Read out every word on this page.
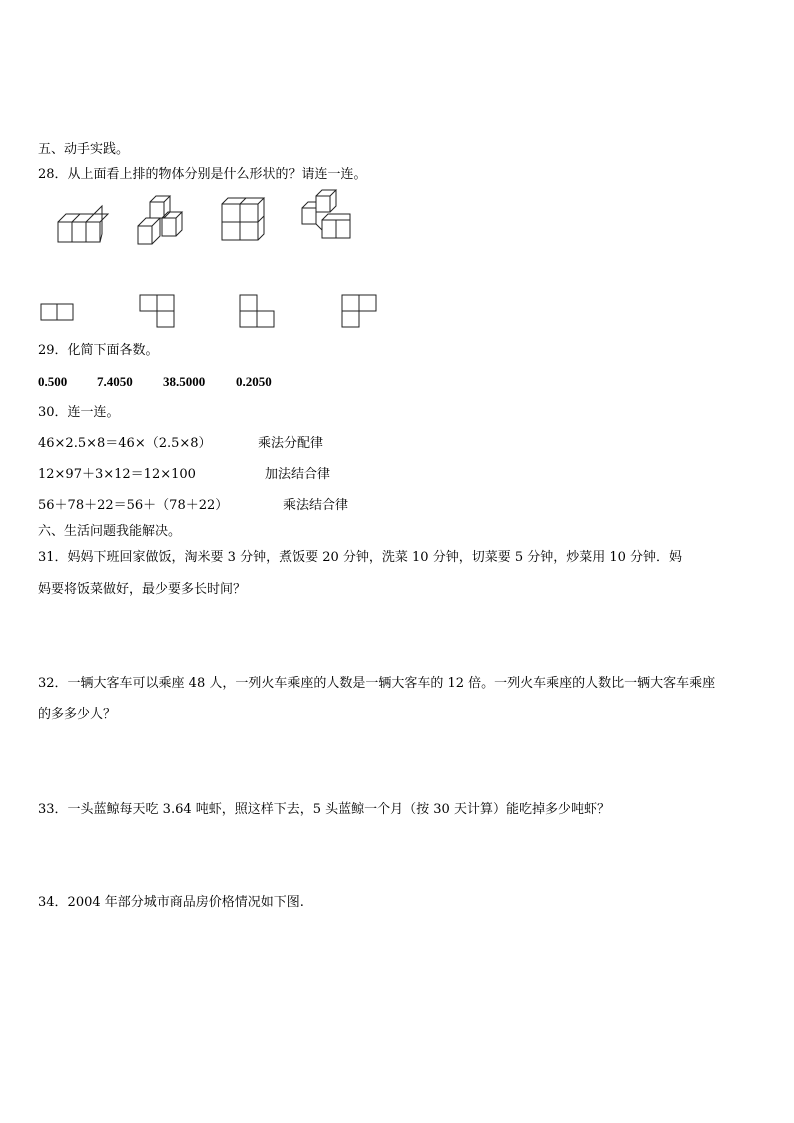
五、动手实践。
28．从上面看上排的物体分别是什么形状的？请连一连。
29．化简下面各数。
0.500 7.4050 38.5000 0.2050
30．连一连。
46×2.5×8＝46×（2.5×8）	乘法分配律
12×97＋3×12＝12×100	加法结合律
56＋78＋22＝56＋（78＋22）	乘法结合律
六、生活问题我能解决。
31．妈妈下班回家做饭，淘米要 3 分钟，煮饭要 20 分钟，洗菜 10 分钟，切菜要 5 分钟，炒菜用 10 分钟．妈
妈要将饭菜做好，最少要多长时间？
32．一辆大客车可以乘座 48 人，一列火车乘座的人数是一辆大客车的 12 倍。一列火车乘座的人数比一辆大客车乘座
的多多少人？
33．一头蓝鲸每天吃 3.64 吨虾，照这样下去，5 头蓝鲸一个月（按 30 天计算）能吃掉多少吨虾？
34．2004 年部分城市商品房价格情况如下图.
